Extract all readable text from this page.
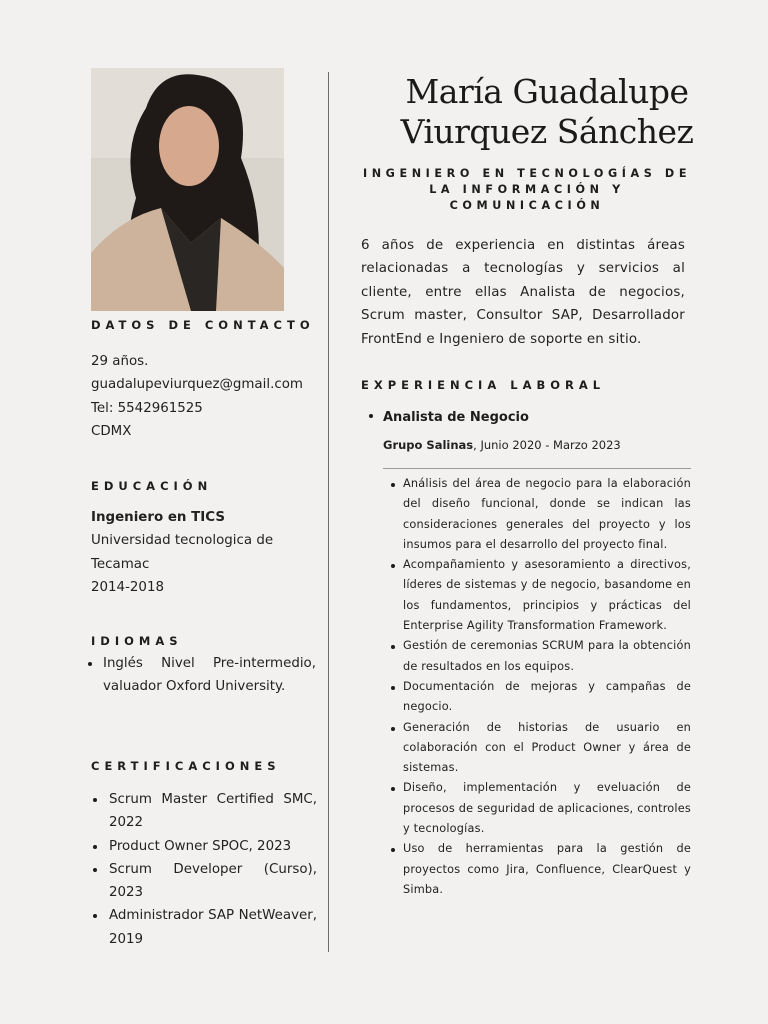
DATOS DE CONTACTO
29 años.
guadalupeviurquez@gmail.com
Tel: 5542961525
CDMX
EDUCACIÓN
Ingeniero en TICS
Universidad tecnologica de Tecamac
2014-2018
IDIOMAS
Inglés Nivel Pre-intermedio, valuador Oxford University.
CERTIFICACIONES
Scrum Master Certified SMC, 2022
Product Owner SPOC, 2023
Scrum Developer (Curso), 2023
Administrador SAP NetWeaver, 2019
María Guadalupe
Viurquez Sánchez
INGENIERO EN TECNOLOGÍAS DE LA INFORMACIÓN Y COMUNICACIÓN
6 años de experiencia en distintas áreas relacionadas a tecnologías y servicios al cliente, entre ellas Analista de negocios, Scrum master, Consultor SAP, Desarrollador FrontEnd e Ingeniero de soporte en sitio.
EXPERIENCIA LABORAL
Analista de Negocio
Grupo Salinas, Junio 2020 - Marzo 2023
Análisis del área de negocio para la elaboración del diseño funcional, donde se indican las consideraciones generales del proyecto y los insumos para el desarrollo del proyecto final.
Acompañamiento y asesoramiento a directivos, líderes de sistemas y de negocio, basandome en los fundamentos, principios y prácticas del Enterprise Agility Transformation Framework.
Gestión de ceremonias SCRUM para la obtención de resultados en los equipos.
Documentación de mejoras y campañas de negocio.
Generación de historias de usuario en colaboración con el Product Owner y área de sistemas.
Diseño, implementación y eveluación de procesos de seguridad de aplicaciones, controles y tecnologías.
Uso de herramientas para la gestión de proyectos como Jira, Confluence, ClearQuest y Simba.
